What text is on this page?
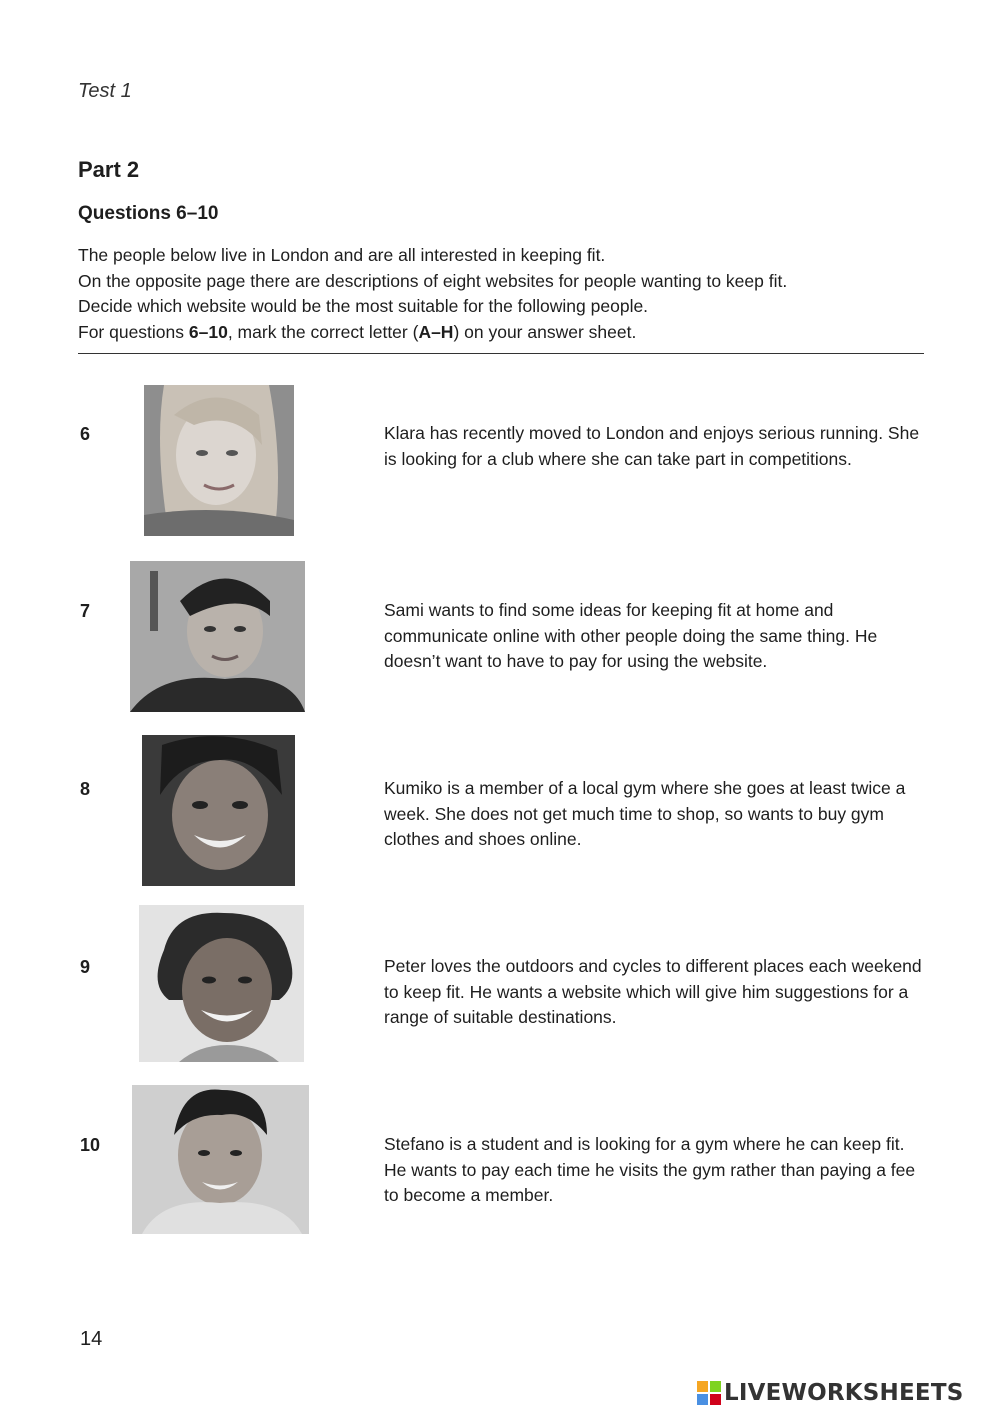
Test 1
Part 2
Questions 6–10

The people below live in London and are all interested in keeping fit.

On the opposite page there are descriptions of eight websites for people wanting to keep fit.

Decide which website would be the most suitable for the following people.

For questions 6–10, mark the correct letter (A–H) on your answer sheet.

6	Klara has recently moved to London and enjoys serious running. She is looking for a club where she can take part in competitions.
7	Sami wants to find some ideas for keeping fit at home and communicate online with other people doing the same thing. He doesn’t want to have to pay for using the website.
8	Kumiko is a member of a local gym where she goes at least twice a week. She does not get much time to shop, so wants to buy gym clothes and shoes online.
9	Peter loves the outdoors and cycles to different places each weekend to keep fit. He wants a website which will give him suggestions for a range of suitable destinations.
10	Stefano is a student and is looking for a gym where he can keep fit. He wants to pay each time he visits the gym rather than paying a fee to become a member.
14
LIVEWORKSHEETS
